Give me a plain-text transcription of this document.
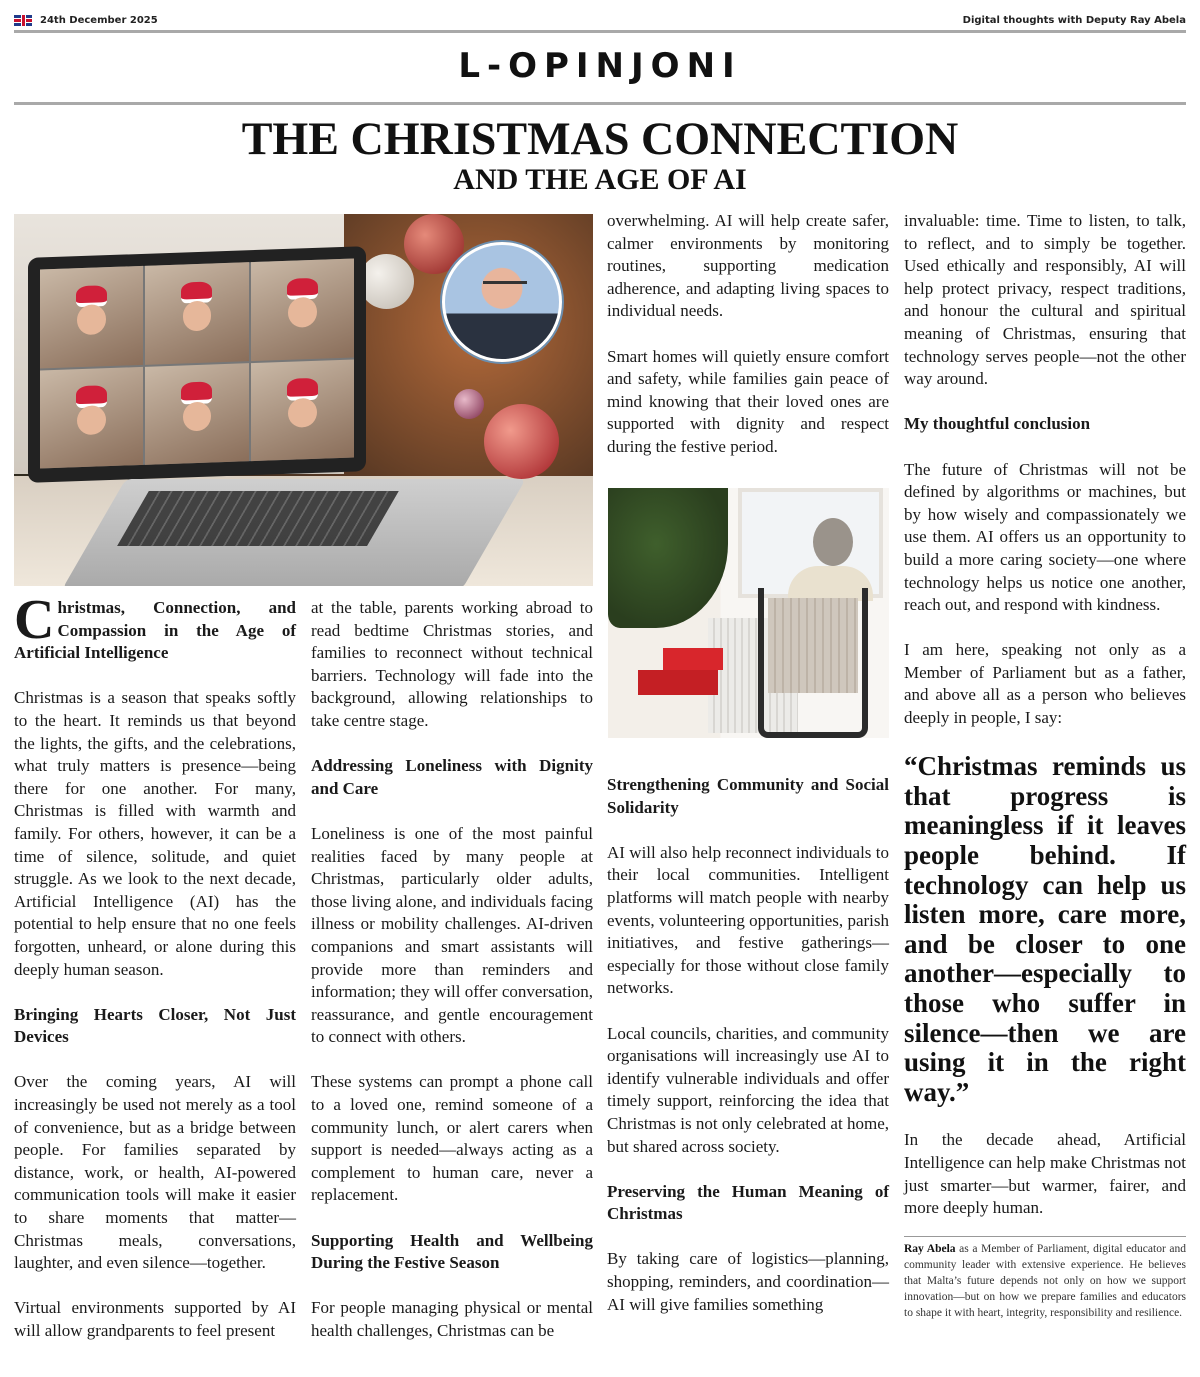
24th December 2025	Digital thoughts with Deputy Ray Abela
L-OPINJONI
THE CHRISTMAS CONNECTION
AND THE AGE OF AI
Christmas, Connection, and Compassion in the Age of Artificial Intelligence

Christmas is a season that speaks softly to the heart. It reminds us that beyond the lights, the gifts, and the celebrations, what truly matters is presence—being there for one another. For many, Christmas is filled with warmth and family. For others, however, it can be a time of silence, solitude, and quiet struggle. As we look to the next decade, Artificial Intelligence (AI) has the potential to help ensure that no one feels forgotten, unheard, or alone during this deeply human season.

Bringing Hearts Closer, Not Just Devices

Over the coming years, AI will increasingly be used not merely as a tool of convenience, but as a bridge between people. For families separated by distance, work, or health, AI-powered communication tools will make it easier to share moments that matter—Christmas meals, conversations, laughter, and even silence—together.

Virtual environments supported by AI will allow grandparents to feel present

at the table, parents working abroad to read bedtime Christmas stories, and families to reconnect without technical barriers. Technology will fade into the background, allowing relationships to take centre stage.

Addressing Loneliness with Dignity and Care

Loneliness is one of the most painful realities faced by many people at Christmas, particularly older adults, those living alone, and individuals facing illness or mobility challenges. AI-driven companions and smart assistants will provide more than reminders and information; they will offer conversation, reassurance, and gentle encouragement to connect with others.

These systems can prompt a phone call to a loved one, remind someone of a community lunch, or alert carers when support is needed—always acting as a complement to human care, never a replacement.

Supporting Health and Wellbeing During the Festive Season

For people managing physical or mental health challenges, Christmas can be

overwhelming. AI will help create safer, calmer environments by monitoring routines, supporting medication adherence, and adapting living spaces to individual needs.

Smart homes will quietly ensure comfort and safety, while families gain peace of mind knowing that their loved ones are supported with dignity and respect during the festive period.

Strengthening Community and Social Solidarity

AI will also help reconnect individuals to their local communities. Intelligent platforms will match people with nearby events, volunteering opportunities, parish initiatives, and festive gatherings—especially for those without close family networks.

Local councils, charities, and community organisations will increasingly use AI to identify vulnerable individuals and offer timely support, reinforcing the idea that Christmas is not only celebrated at home, but shared across society.

Preserving the Human Meaning of Christmas

By taking care of logistics—planning, shopping, reminders, and coordination—AI will give families something

invaluable: time. Time to listen, to talk, to reflect, and to simply be together. Used ethically and responsibly, AI will help protect privacy, respect traditions, and honour the cultural and spiritual meaning of Christmas, ensuring that technology serves people—not the other way around.

My thoughtful conclusion

The future of Christmas will not be defined by algorithms or machines, but by how wisely and compassionately we use them. AI offers us an opportunity to build a more caring society—one where technology helps us notice one another, reach out, and respond with kindness.

I am here, speaking not only as a Member of Parliament but as a father, and above all as a person who believes deeply in people, I say:

“Christmas reminds us that progress is meaningless if it leaves people behind. If technology can help us listen more, care more, and be closer to one another—especially to those who suffer in silence—then we are using it in the right way.”

In the decade ahead, Artificial Intelligence can help make Christmas not just smarter—but warmer, fairer, and more deeply human.

Ray Abela as a Member of Parliament, digital educator and community leader with extensive experience. He believes that Malta’s future depends not only on how we support innovation—but on how we prepare families and educators to shape it with heart, integrity, responsibility and resilience.
